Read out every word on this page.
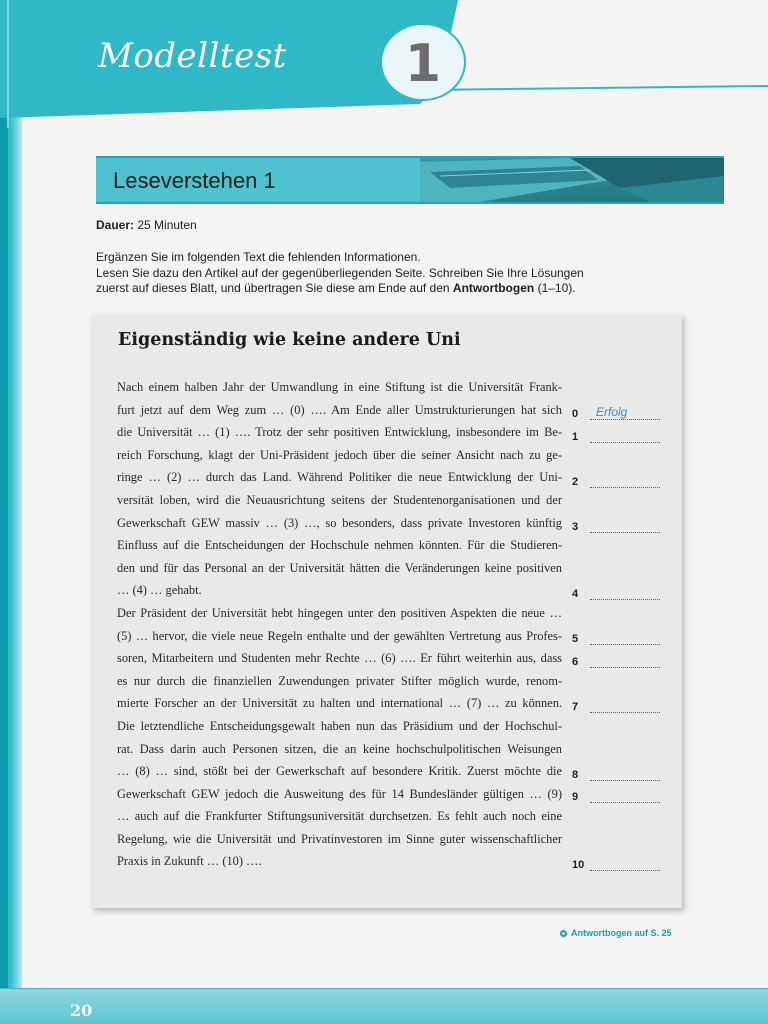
Modelltest	1
Leseverstehen 1
Dauer: 25 Minuten
Ergänzen Sie im folgenden Text die fehlenden Informationen.
Lesen Sie dazu den Artikel auf der gegenüberliegenden Seite. Schreiben Sie Ihre Lösungen
zuerst auf dieses Blatt, und übertragen Sie diese am Ende auf den Antwortbogen (1–10).
Eigenständig wie keine andere Uni
Nach einem halben Jahr der Umwandlung in eine Stiftung ist die Universität Frank-
furt jetzt auf dem Weg zum … (0) …. Am Ende aller Umstrukturierungen hat sich
die Universität … (1) …. Trotz der sehr positiven Entwicklung, insbesondere im Be-
reich Forschung, klagt der Uni-Präsident jedoch über die seiner Ansicht nach zu ge-
ringe … (2) … durch das Land. Während Politiker die neue Entwicklung der Uni-
versität loben, wird die Neuausrichtung seitens der Studentenorganisationen und der
Gewerkschaft GEW massiv … (3) …, so besonders, dass private Investoren künftig
Einfluss auf die Entscheidungen der Hochschule nehmen könnten. Für die Studieren-
den und für das Personal an der Universität hätten die Veränderungen keine positiven
… (4) … gehabt.
Der Präsident der Universität hebt hingegen unter den positiven Aspekten die neue …
(5) … hervor, die viele neue Regeln enthalte und der gewählten Vertretung aus Profes-
soren, Mitarbeitern und Studenten mehr Rechte … (6) …. Er führt weiterhin aus, dass
es nur durch die finanziellen Zuwendungen privater Stifter möglich wurde, renom-
mierte Forscher an der Universität zu halten und international … (7) … zu können.
Die letztendliche Entscheidungsgewalt haben nun das Präsidium und der Hochschul-
rat. Dass darin auch Personen sitzen, die an keine hochschulpolitischen Weisungen
… (8) … sind, stößt bei der Gewerkschaft auf besondere Kritik. Zuerst möchte die
Gewerkschaft GEW jedoch die Ausweitung des für 14 Bundesländer gültigen … (9)
… auch auf die Frankfurter Stiftungsuniversität durchsetzen. Es fehlt auch noch eine
Regelung, wie die Universität und Privatinvestoren im Sinne guter wissenschaftlicher
Praxis in Zukunft … (10) ….
0	Erfolg
1
2
3
4
5
6
7
8
9
10
Antwortbogen auf S. 25
20
